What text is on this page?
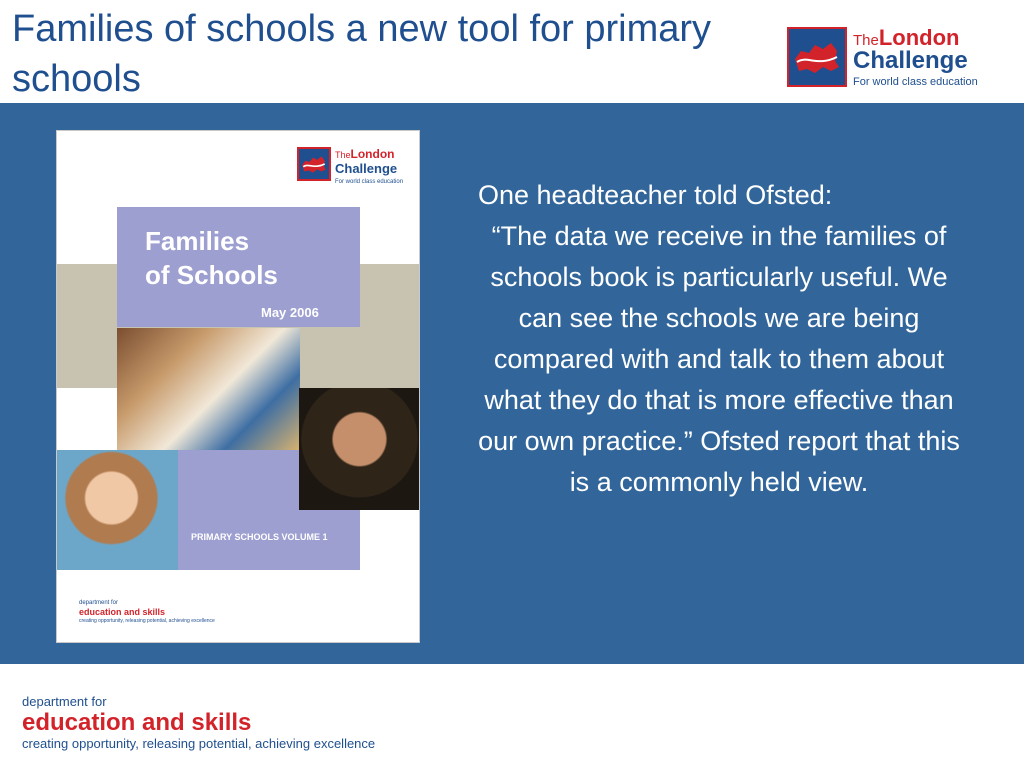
Families of schools a new tool for primary schools
TheLondon
Challenge
For world class education
TheLondon
Challenge
For world class education
Families
of Schools
May 2006
PRIMARY SCHOOLS VOLUME 1
department for
education and skills
creating opportunity, releasing potential, achieving excellence

One headteacher told Ofsted:
“The data we receive in the families of schools book is particularly useful. We can see the schools we are being compared with and talk to them about what they do that is more effective than our own practice.” Ofsted report that this is a commonly held view.

department for
education and skills
creating opportunity, releasing potential, achieving excellence
